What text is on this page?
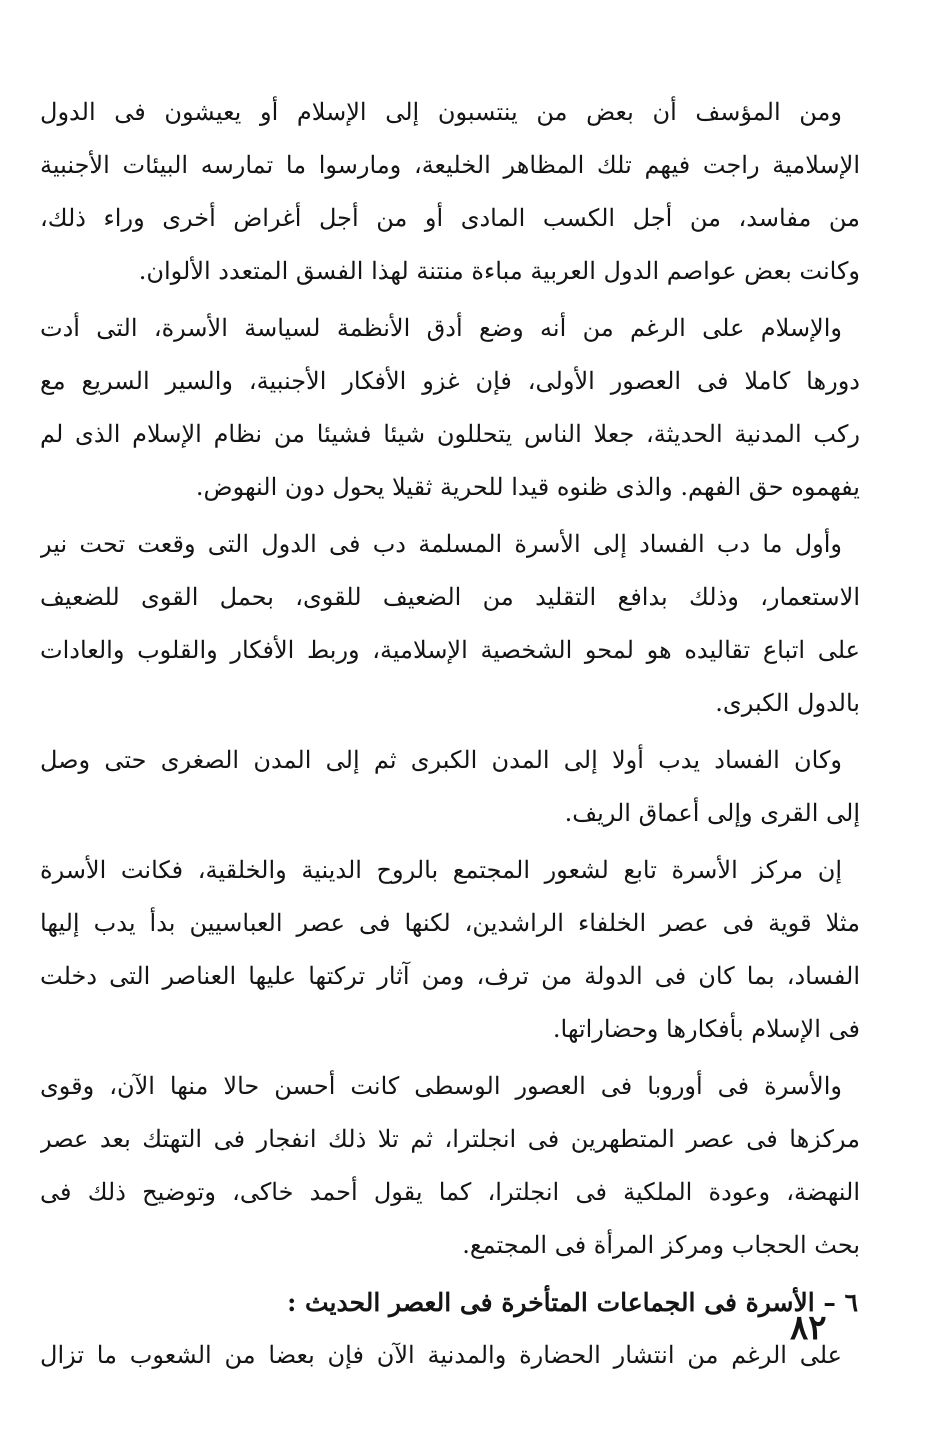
ومن المؤسف أن بعض من ينتسبون إلى الإسلام أو يعيشون فى الدول
الإسلامية راجت فيهم تلك المظاهر الخليعة، ومارسوا ما تمارسه البيئات الأجنبية
من مفاسد، من أجل الكسب المادى أو من أجل أغراض أخرى وراء ذلك،
وكانت بعض عواصم الدول العربية مباءة منتنة لهذا الفسق المتعدد الألوان.
والإسلام على الرغم من أنه وضع أدق الأنظمة لسياسة الأسرة، التى أدت
دورها كاملا فى العصور الأولى، فإن غزو الأفكار الأجنبية، والسير السريع مع
ركب المدنية الحديثة، جعلا الناس يتحللون شيئا فشيئا من نظام الإسلام الذى لم
يفهموه حق الفهم. والذى ظنوه قيدا للحرية ثقيلا يحول دون النهوض.
وأول ما دب الفساد إلى الأسرة المسلمة دب فى الدول التى وقعت تحت نير
الاستعمار، وذلك بدافع التقليد من الضعيف للقوى، بحمل القوى للضعيف
على اتباع تقاليده هو لمحو الشخصية الإسلامية، وربط الأفكار والقلوب والعادات
بالدول الكبرى.
وكان الفساد يدب أولا إلى المدن الكبرى ثم إلى المدن الصغرى حتى وصل
إلى القرى وإلى أعماق الريف.
إن مركز الأسرة تابع لشعور المجتمع بالروح الدينية والخلقية، فكانت الأسرة
مثلا قوية فى عصر الخلفاء الراشدين، لكنها فى عصر العباسيين بدأ يدب إليها
الفساد، بما كان فى الدولة من ترف، ومن آثار تركتها عليها العناصر التى دخلت
فى الإسلام بأفكارها وحضاراتها.
والأسرة فى أوروبا فى العصور الوسطى كانت أحسن حالا منها الآن، وقوى
مركزها فى عصر المتطهرين فى انجلترا، ثم تلا ذلك انفجار فى التهتك بعد عصر
النهضة، وعودة الملكية فى انجلترا، كما يقول أحمد خاكى، وتوضيح ذلك فى
بحث الحجاب ومركز المرأة فى المجتمع.
٦ – الأسرة فى الجماعات المتأخرة فى العصر الحديث :
على الرغم من انتشار الحضارة والمدنية الآن فإن بعضا من الشعوب ما تزال
٨٢
